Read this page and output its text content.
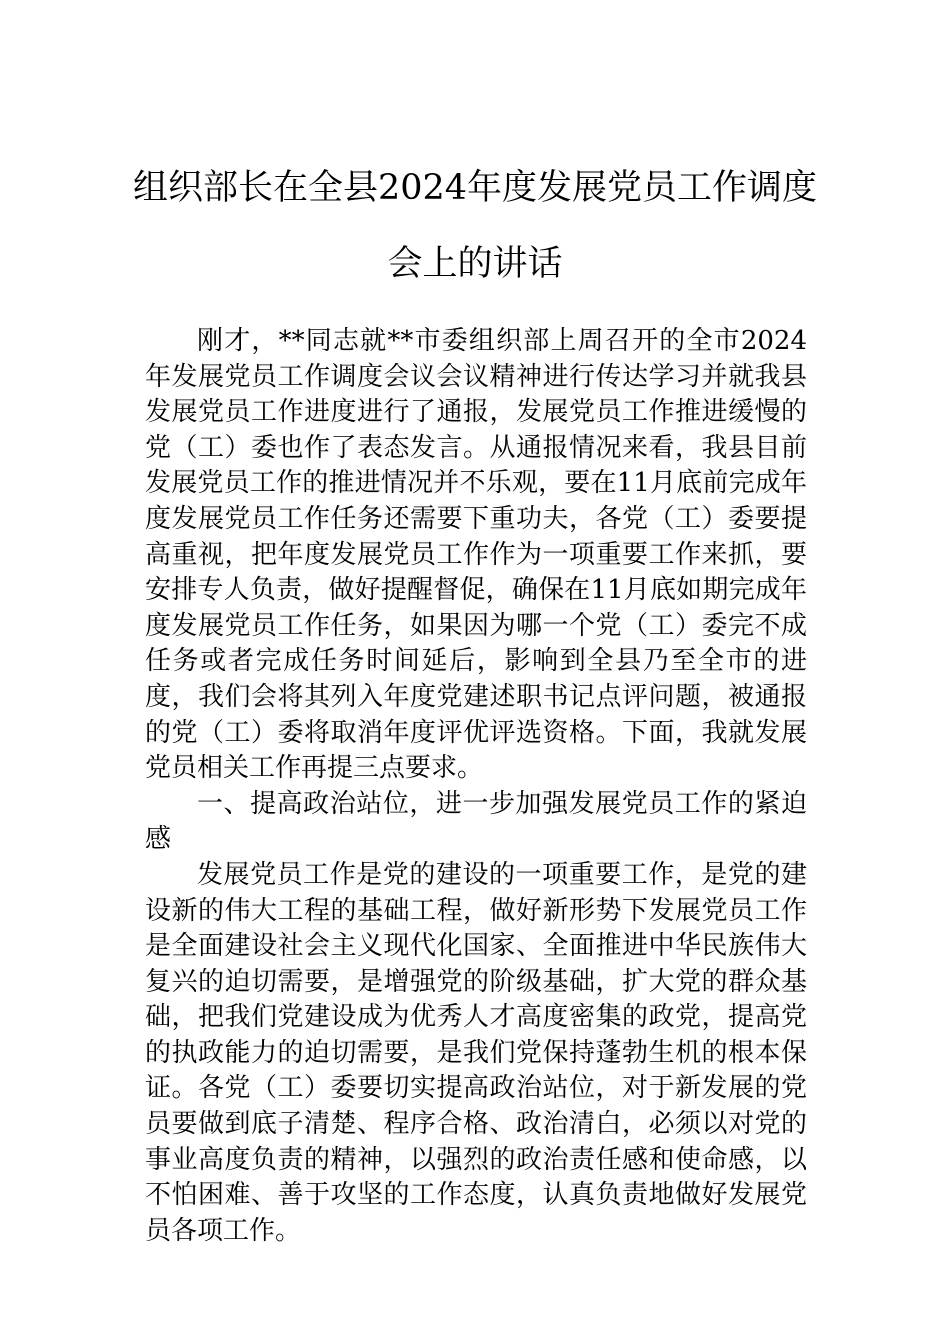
组织部长在全县2024年度发展党员工作调度会上的讲话

刚才，**同志就**市委组织部上周召开的全市2024年发展党员工作调度会议会议精神进行传达学习并就我县发展党员工作进度进行了通报，发展党员工作推进缓慢的党（工）委也作了表态发言。从通报情况来看，我县目前发展党员工作的推进情况并不乐观，要在11月底前完成年度发展党员工作任务还需要下重功夫，各党（工）委要提高重视，把年度发展党员工作作为一项重要工作来抓，要安排专人负责，做好提醒督促，确保在11月底如期完成年度发展党员工作任务，如果因为哪一个党（工）委完不成任务或者完成任务时间延后，影响到全县乃至全市的进度，我们会将其列入年度党建述职书记点评问题，被通报的党（工）委将取消年度评优评选资格。下面，我就发展党员相关工作再提三点要求。

一、提高政治站位，进一步加强发展党员工作的紧迫感

发展党员工作是党的建设的一项重要工作，是党的建设新的伟大工程的基础工程，做好新形势下发展党员工作是全面建设社会主义现代化国家、全面推进中华民族伟大复兴的迫切需要，是增强党的阶级基础，扩大党的群众基础，把我们党建设成为优秀人才高度密集的政党，提高党的执政能力的迫切需要，是我们党保持蓬勃生机的根本保证。各党（工）委要切实提高政治站位，对于新发展的党员要做到底子清楚、程序合格、政治清白，必须以对党的事业高度负责的精神，以强烈的政治责任感和使命感，以不怕困难、善于攻坚的工作态度，认真负责地做好发展党员各项工作。
